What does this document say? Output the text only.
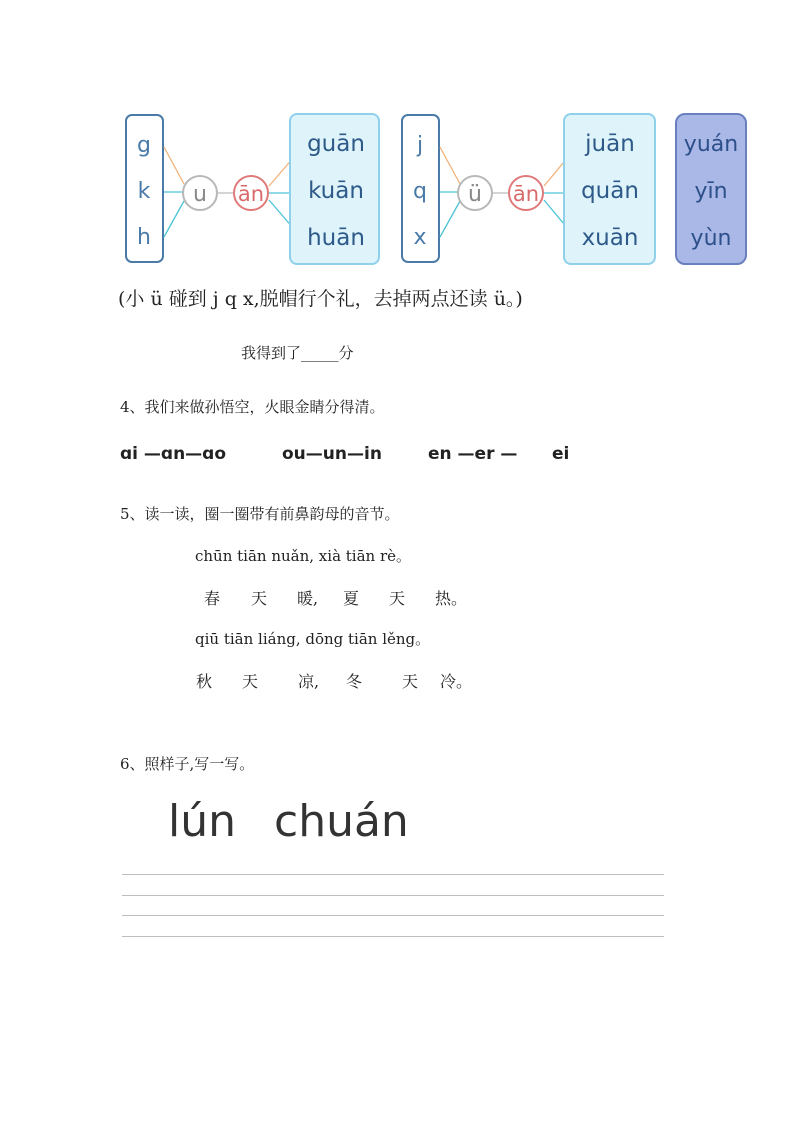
g
k
h
u ān
guān
kuān
huān
j
q
x
ü ān
juān
quān
xuān
yuán
yīn
yùn
(小 ü 碰到 j q x,脱帽行个礼，去掉两点还读 ü。)
我得到了_____分
4、我们来做孙悟空，火眼金睛分得清。
ɑi —ɑn—ɑo	ou—un—in	en —er — ei
5、读一读，圈一圈带有前鼻韵母的音节。
chūn tiān nuǎn, xià tiān rè。
春 天 暖, 夏 天 热。
qiū tiān liáng, dōng tiān lěng。
秋 天 凉, 冬 天 冷。
6、照样子,写一写。
lún chuán
